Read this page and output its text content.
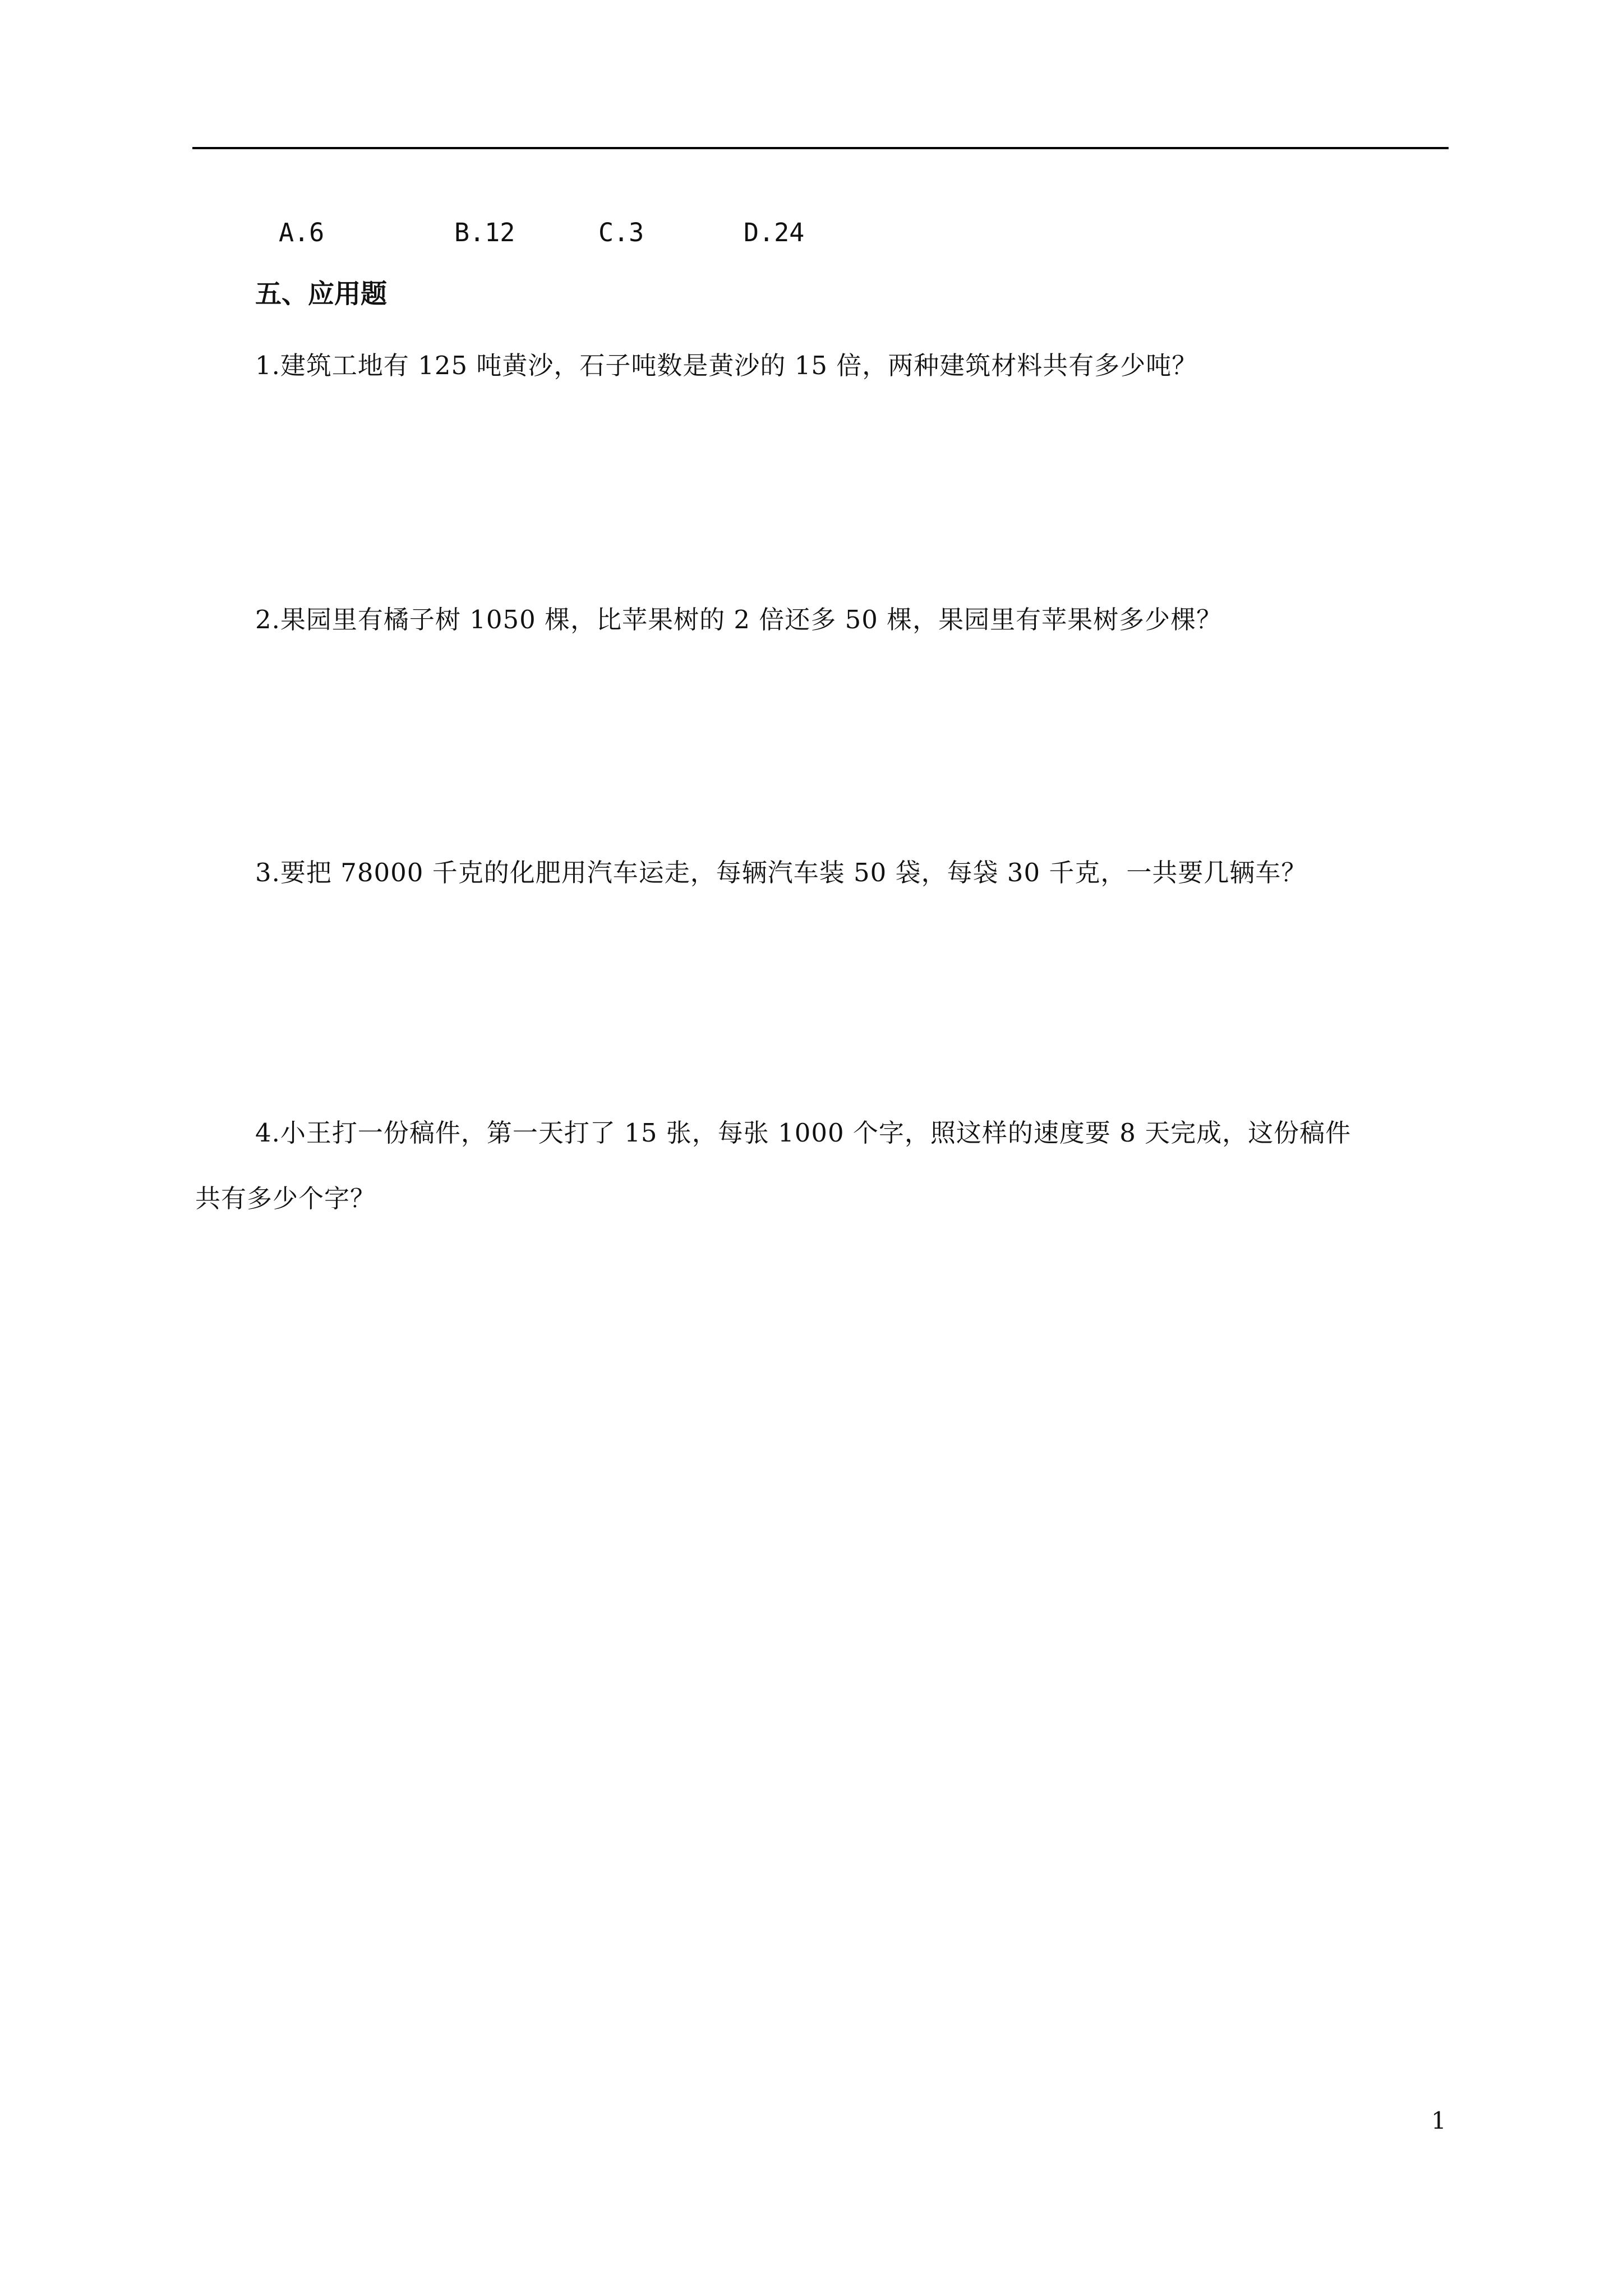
A.6	B.12	C.3	D.24
五、应用题
1.建筑工地有 125 吨黄沙，石子吨数是黄沙的 15 倍，两种建筑材料共有多少吨？
2.果园里有橘子树 1050 棵，比苹果树的 2 倍还多 50 棵，果园里有苹果树多少棵？
3.要把 78000 千克的化肥用汽车运走，每辆汽车装 50 袋，每袋 30 千克，一共要几辆车？
4.小王打一份稿件，第一天打了 15 张，每张 1000 个字，照这样的速度要 8 天完成，这份稿件
共有多少个字？
1
